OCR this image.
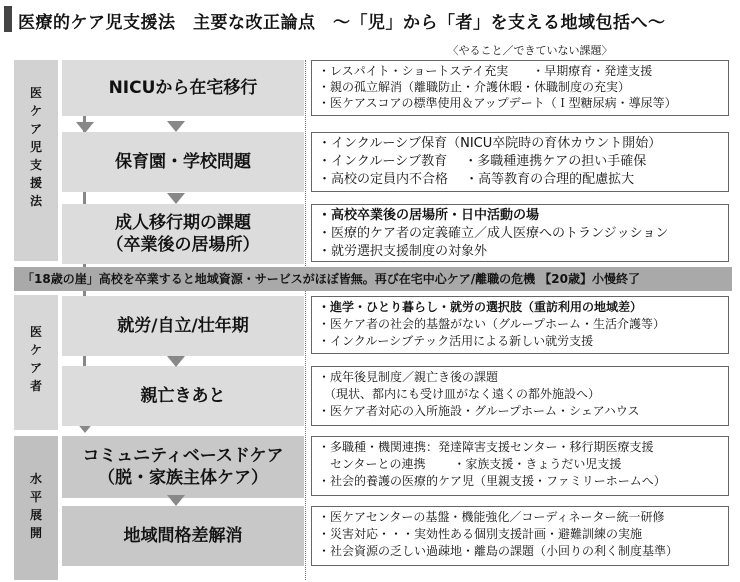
医療的ケア児支援法　主要な改正論点　～「児」から「者」を支える地域包括へ～
〈やること／できていない課題〉
医
ケ
ア
児
支
援
法
医
ケ
ア
者
水
平
展
開
NICUから在宅移行
保育園・学校問題
成人移行期の課題
（卒業後の居場所）
就労/自立/壮年期
親亡きあと
コミュニティベースドケア
（脱・家族主体ケア）
地域間格差解消
・レスパイト・ショートステイ充実　　・早期療育・発達支援
・親の孤立解消（離職防止・介護休暇・休職制度の充実）
・医ケアスコアの標準使用＆アップデート（Ｉ型糖尿病・導尿等）
・インクルーシブ保育（NICU卒院時の育休カウント開始）
・インクルーシブ教育　 ・多職種連携ケアの担い手確保
・高校の定員内不合格　 ・高等教育の合理的配慮拡大
・高校卒業後の居場所・日中活動の場
・医療的ケア者の定義確立／成人医療へのトランジッション
・就労選択支援制度の対象外
・進学・ひとり暮らし・就労の選択肢（重訪利用の地域差）
・医ケア者の社会的基盤がない（グループホーム・生活介護等）
・インクルーシブテック活用による新しい就労支援
・成年後見制度／親亡き後の課題
　（現状、都内にも受け皿がなく遠くの都外施設へ）
・医ケア者対応の入所施設・グループホーム・シェアハウス
・多職種・機関連携：発達障害支援センター・移行期医療支援
　センターとの連携　　 ・家族支援・きょうだい児支援
・社会的養護の医療的ケア児（里親支援・ファミリーホームへ）
・医ケアセンターの基盤・機能強化／コーディネーター統一研修
・災害対応・・・実効性ある個別支援計画・避難訓練の実施
・社会資源の乏しい過疎地・離島の課題（小回りの利く制度基準）
「18歳の崖」高校を卒業すると地域資源・サービスがほぼ皆無。再び在宅中心ケア/離職の危機 【20歳】小慢終了
